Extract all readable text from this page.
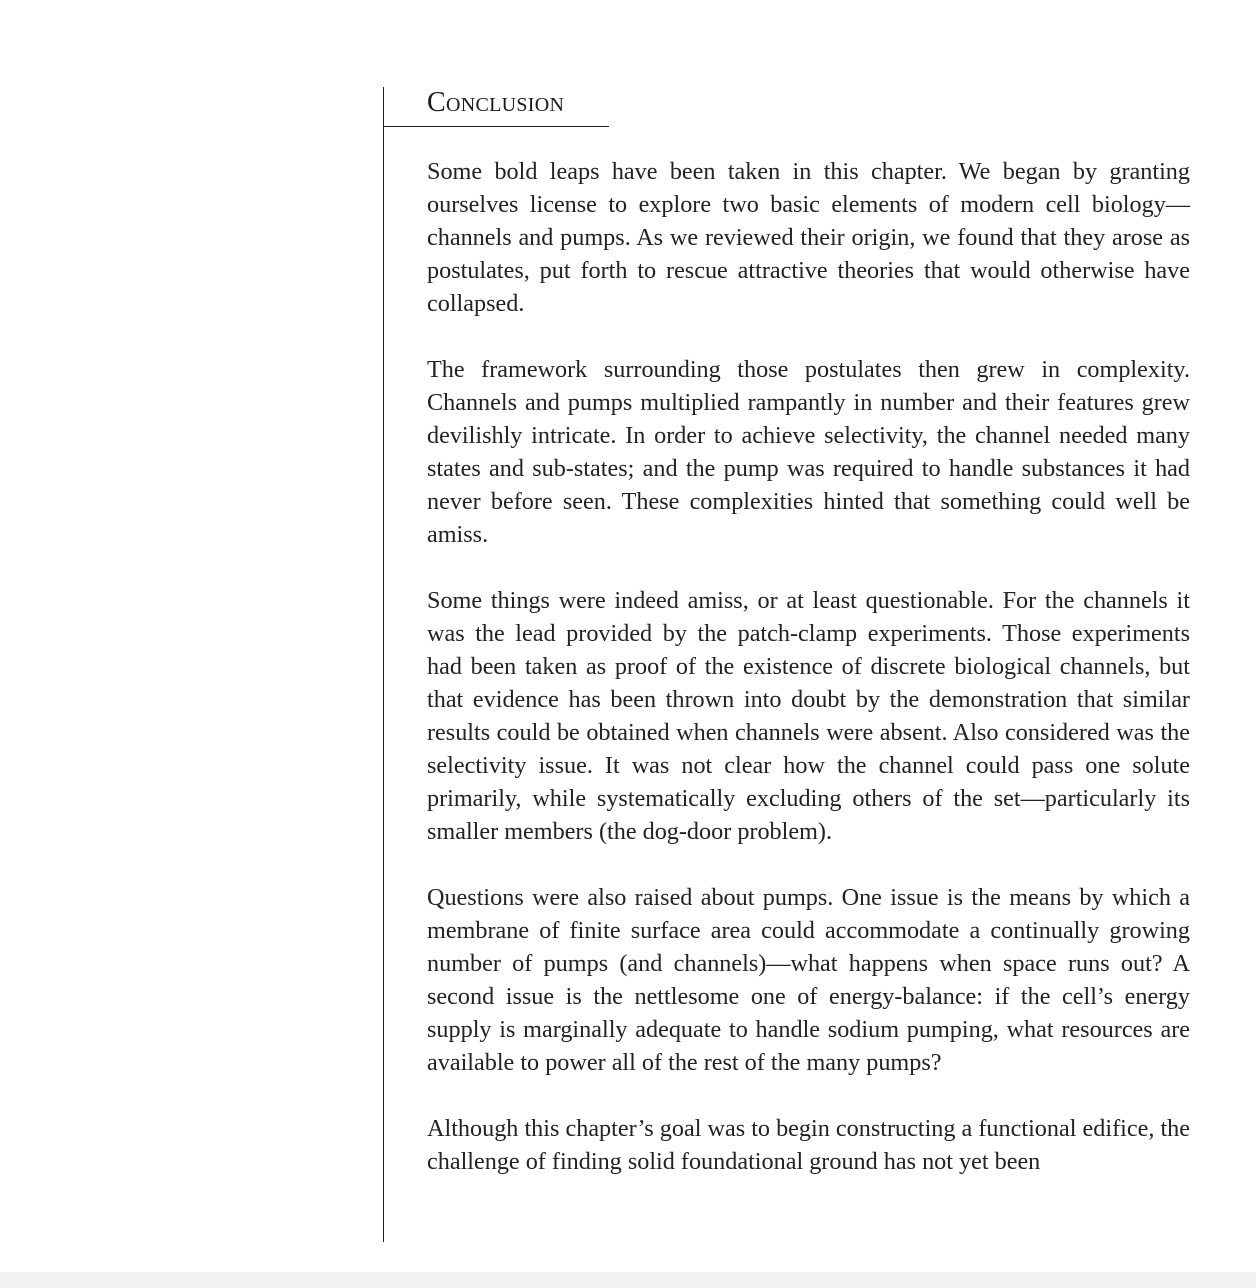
Conclusion

Some bold leaps have been taken in this chapter. We began by granting ourselves license to explore two basic elements of modern cell biology—channels and pumps. As we reviewed their origin, we found that they arose as postulates, put forth to rescue attractive theories that would otherwise have collapsed.

The framework surrounding those postulates then grew in complexity. Channels and pumps multiplied rampantly in number and their features grew devilishly intricate. In order to achieve selectivity, the channel needed many states and sub-states; and the pump was required to handle substances it had never before seen. These complexities hinted that something could well be amiss.

Some things were indeed amiss, or at least questionable. For the channels it was the lead provided by the patch-clamp experiments. Those experiments had been taken as proof of the existence of discrete biological channels, but that evidence has been thrown into doubt by the demonstration that similar results could be obtained when channels were absent. Also considered was the selectivity issue. It was not clear how the channel could pass one solute primarily, while systematically excluding others of the set—particularly its smaller members (the dog-door problem).

Questions were also raised about pumps. One issue is the means by which a membrane of finite surface area could accommodate a continually growing number of pumps (and channels)—what happens when space runs out? A second issue is the nettlesome one of energy-balance: if the cell’s energy supply is marginally adequate to handle sodium pumping, what resources are available to power all of the rest of the many pumps?

Although this chapter’s goal was to begin constructing a functional edifice, the challenge of finding solid foundational ground has not yet been
